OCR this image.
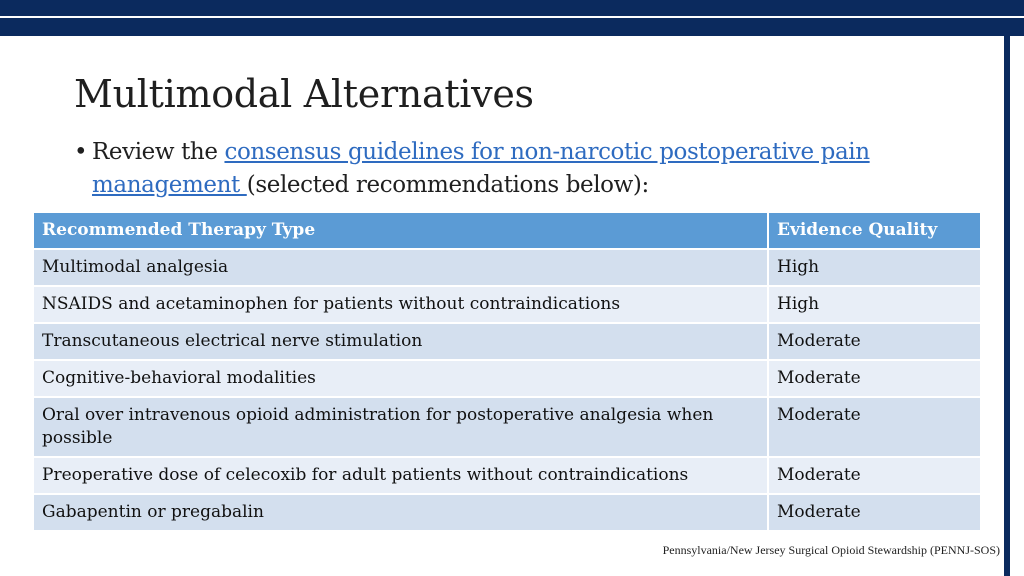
Multimodal Alternatives
• Review the consensus guidelines for non-narcotic postoperative pain management (selected recommendations below):
Recommended Therapy Type	Evidence Quality
Multimodal analgesia	High
NSAIDS and acetaminophen for patients without contraindications	High
Transcutaneous electrical nerve stimulation	Moderate
Cognitive-behavioral modalities	Moderate
Oral over intravenous opioid administration for postoperative analgesia when possible	Moderate
Preoperative dose of celecoxib for adult patients without contraindications	Moderate
Gabapentin or pregabalin	Moderate
Pennsylvania/New Jersey Surgical Opioid Stewardship (PENNJ-SOS)
